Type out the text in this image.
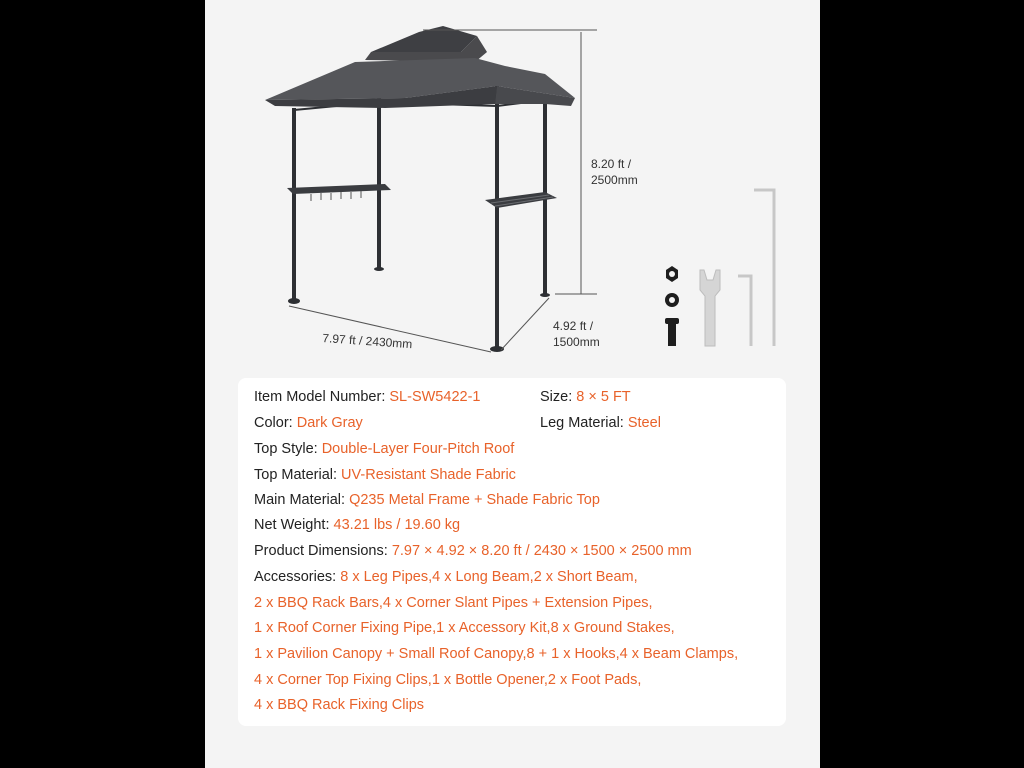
8.20 ft /
2500mm
7.97 ft / 2430mm
4.92 ft /
1500mm
Item Model Number: SL-SW5422-1	Size: 8 × 5 FT
Color: Dark Gray	Leg Material: Steel
Top Style: Double-Layer Four-Pitch Roof
Top Material: UV-Resistant Shade Fabric
Main Material: Q235 Metal Frame + Shade Fabric Top
Net Weight: 43.21 lbs / 19.60 kg
Product Dimensions: 7.97 × 4.92 × 8.20 ft / 2430 × 1500 × 2500 mm
Accessories: 8 x Leg Pipes,4 x Long Beam,2 x Short Beam,
2 x BBQ Rack Bars,4 x Corner Slant Pipes + Extension Pipes,
1 x Roof Corner Fixing Pipe,1 x Accessory Kit,8 x Ground Stakes,
1 x Pavilion Canopy + Small Roof Canopy,8 + 1 x Hooks,4 x Beam Clamps,
4 x Corner Top Fixing Clips,1 x Bottle Opener,2 x Foot Pads,
4 x BBQ Rack Fixing Clips
